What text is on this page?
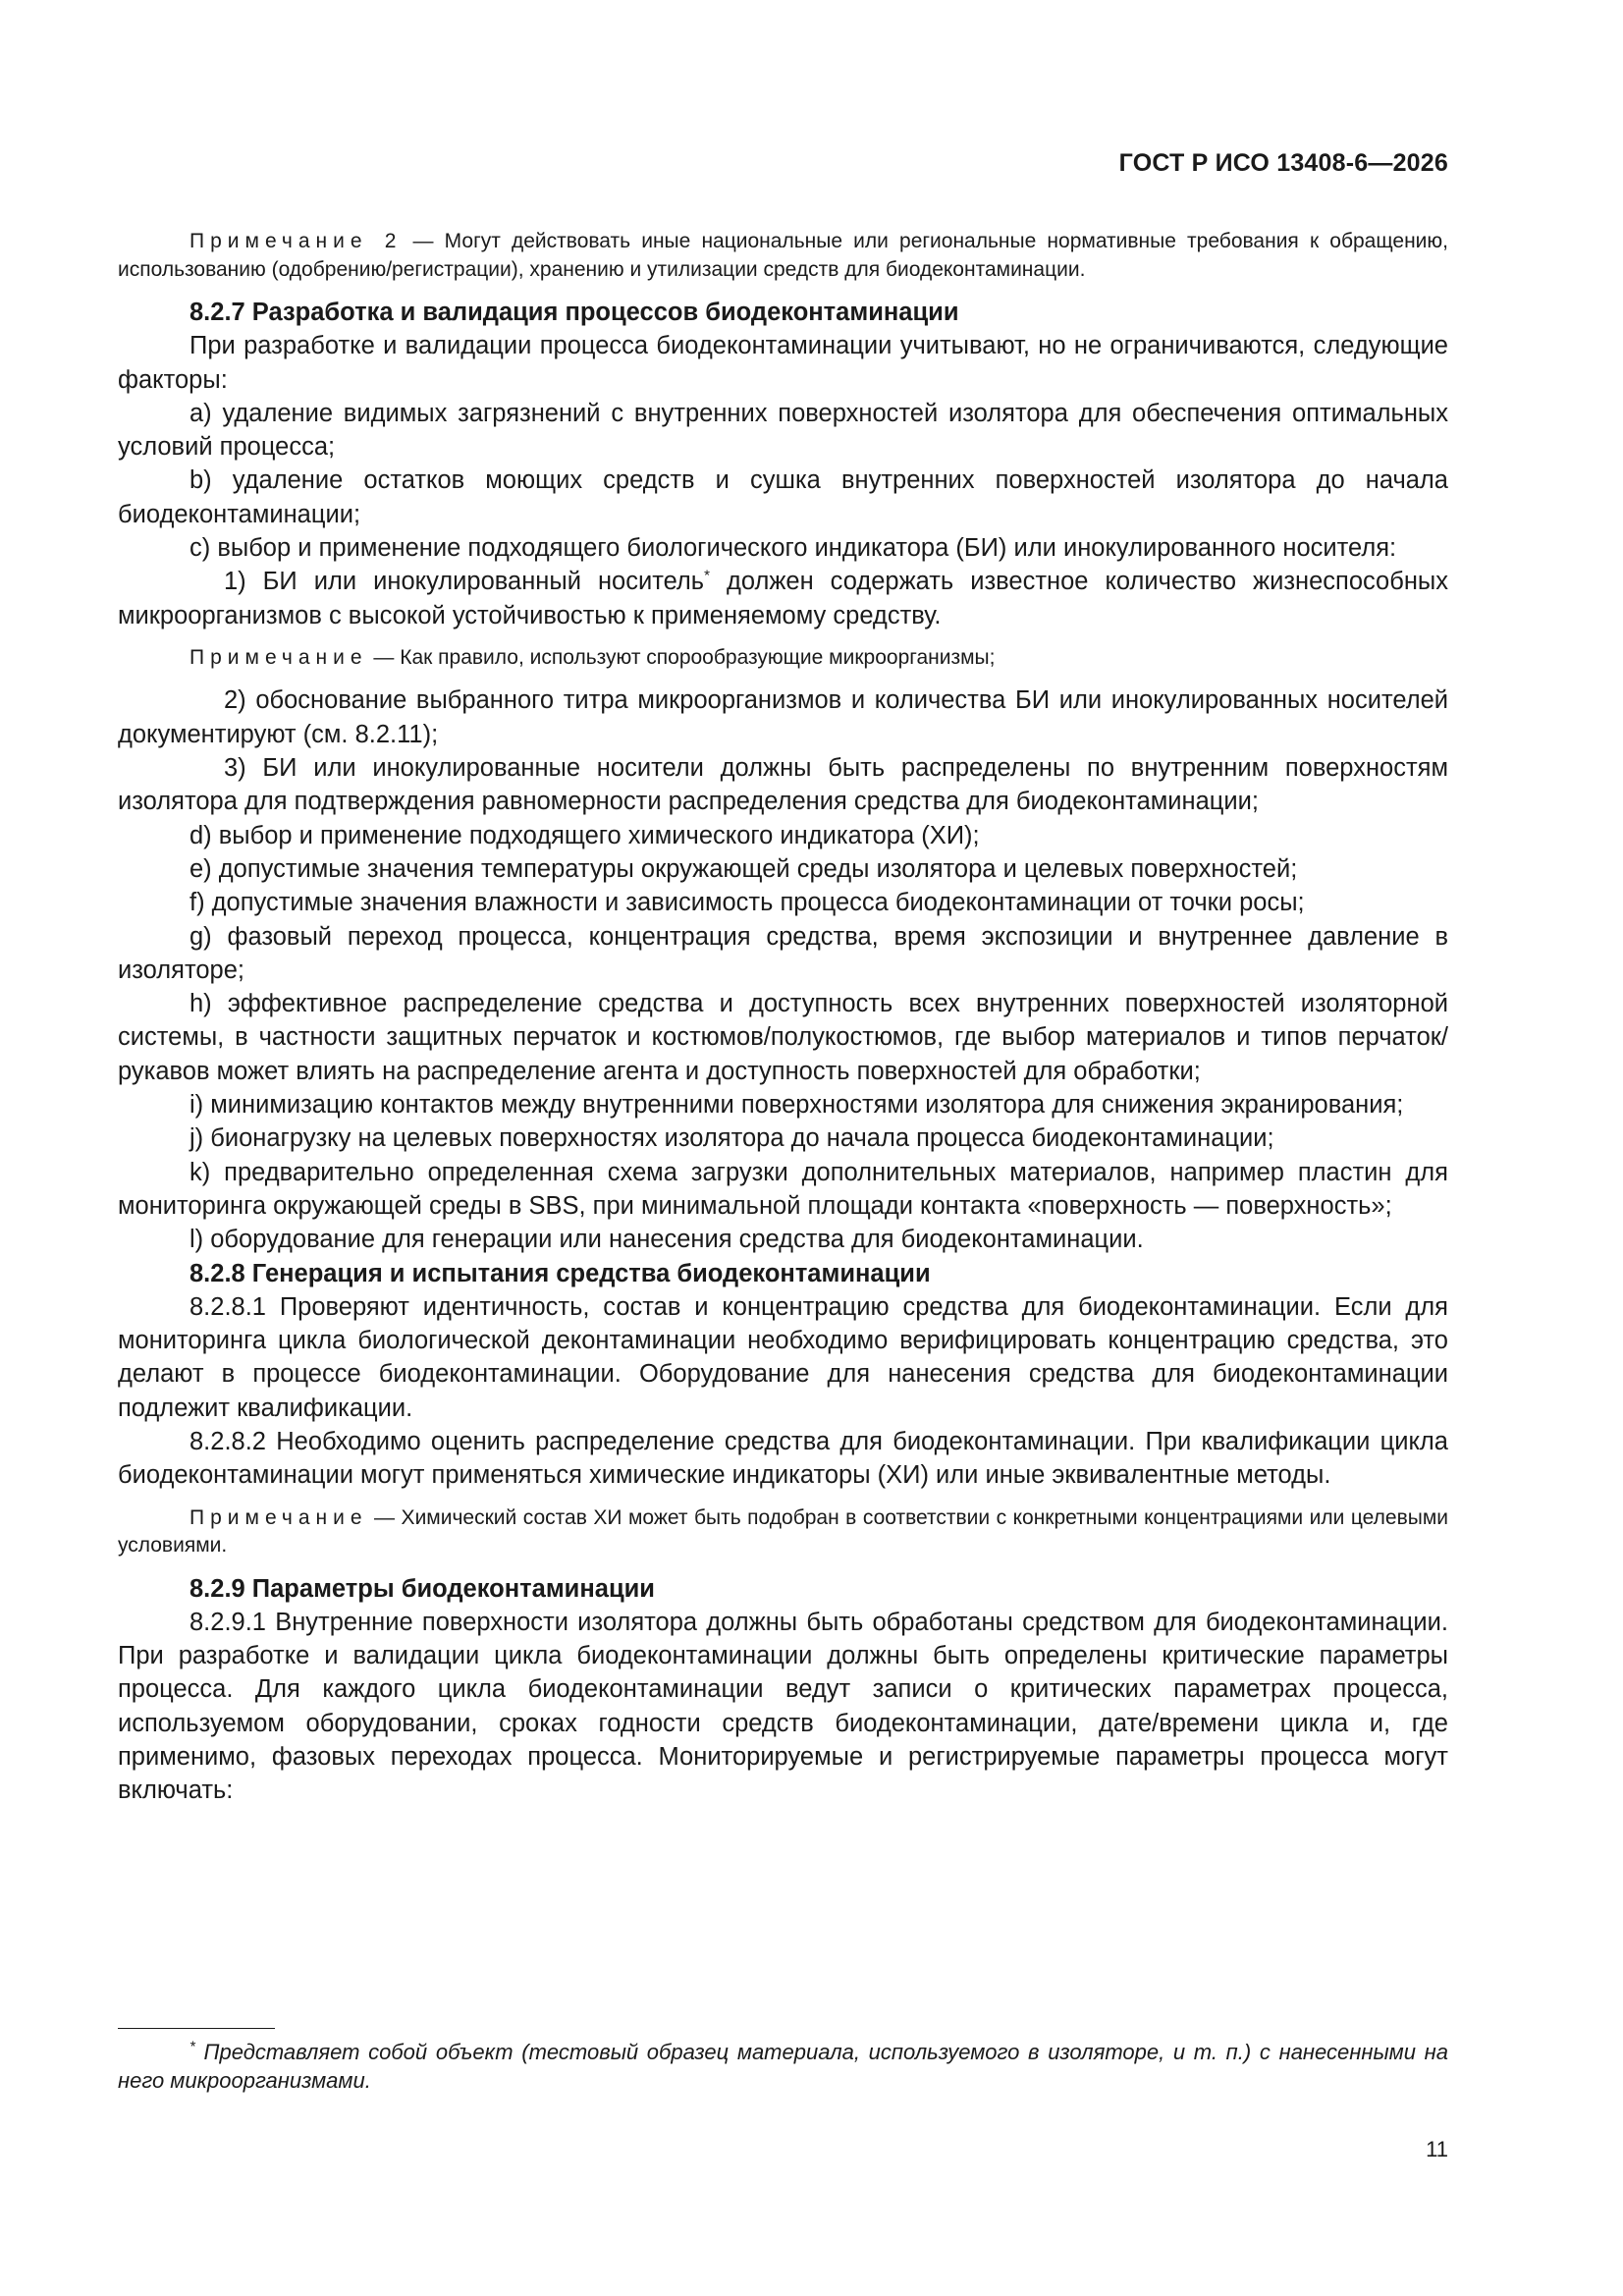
ГОСТ Р ИСО 13408-6—2026

Примечание 2 — Могут действовать иные национальные или региональные нормативные требования к обращению, использованию (одобрению/регистрации), хранению и утилизации средств для биодеконтаминации.

8.2.7 Разработка и валидация процессов биодеконтаминации

При разработке и валидации процесса биодеконтаминации учитывают, но не ограничиваются, следующие факторы:

a) удаление видимых загрязнений с внутренних поверхностей изолятора для обеспечения оптимальных условий процесса;

b) удаление остатков моющих средств и сушка внутренних поверхностей изолятора до начала биодеконтаминации;

c) выбор и применение подходящего биологического индикатора (БИ) или инокулированного носителя:

1) БИ или инокулированный носитель* должен содержать известное количество жизнеспособных микроорганизмов с высокой устойчивостью к применяемому средству.

Примечание — Как правило, используют спорообразующие микроорганизмы;

2) обоснование выбранного титра микроорганизмов и количества БИ или инокулированных носителей документируют (см. 8.2.11);

3) БИ или инокулированные носители должны быть распределены по внутренним поверхностям изолятора для подтверждения равномерности распределения средства для биодеконтаминации;

d) выбор и применение подходящего химического индикатора (ХИ);

e) допустимые значения температуры окружающей среды изолятора и целевых поверхностей;

f) допустимые значения влажности и зависимость процесса биодеконтаминации от точки росы;

g) фазовый переход процесса, концентрация средства, время экспозиции и внутреннее давление в изоляторе;

h) эффективное распределение средства и доступность всех внутренних поверхностей изоляторной системы, в частности защитных перчаток и костюмов/полукостюмов, где выбор материалов и типов перчаток/рукавов может влиять на распределение агента и доступность поверхностей для обработки;

i) минимизацию контактов между внутренними поверхностями изолятора для снижения экранирования;

j) бионагрузку на целевых поверхностях изолятора до начала процесса биодеконтаминации;

k) предварительно определенная схема загрузки дополнительных материалов, например пластин для мониторинга окружающей среды в SBS, при минимальной площади контакта «поверхность — поверхность»;

l) оборудование для генерации или нанесения средства для биодеконтаминации.

8.2.8 Генерация и испытания средства биодеконтаминации

8.2.8.1 Проверяют идентичность, состав и концентрацию средства для биодеконтаминации. Если для мониторинга цикла биологической деконтаминации необходимо верифицировать концентрацию средства, это делают в процессе биодеконтаминации. Оборудование для нанесения средства для биодеконтаминации подлежит квалификации.

8.2.8.2 Необходимо оценить распределение средства для биодеконтаминации. При квалификации цикла биодеконтаминации могут применяться химические индикаторы (ХИ) или иные эквивалентные методы.

Примечание — Химический состав ХИ может быть подобран в соответствии с конкретными концентрациями или целевыми условиями.

8.2.9 Параметры биодеконтаминации

8.2.9.1 Внутренние поверхности изолятора должны быть обработаны средством для биодеконтаминации. При разработке и валидации цикла биодеконтаминации должны быть определены критические параметры процесса. Для каждого цикла биодеконтаминации ведут записи о критических параметрах процесса, используемом оборудовании, сроках годности средств биодеконтаминации, дате/времени цикла и, где применимо, фазовых переходах процесса. Мониторируемые и регистрируемые параметры процесса могут включать:

* Представляет собой объект (тестовый образец материала, используемого в изоляторе, и т. п.) с нанесенными на него микроорганизмами.

11
